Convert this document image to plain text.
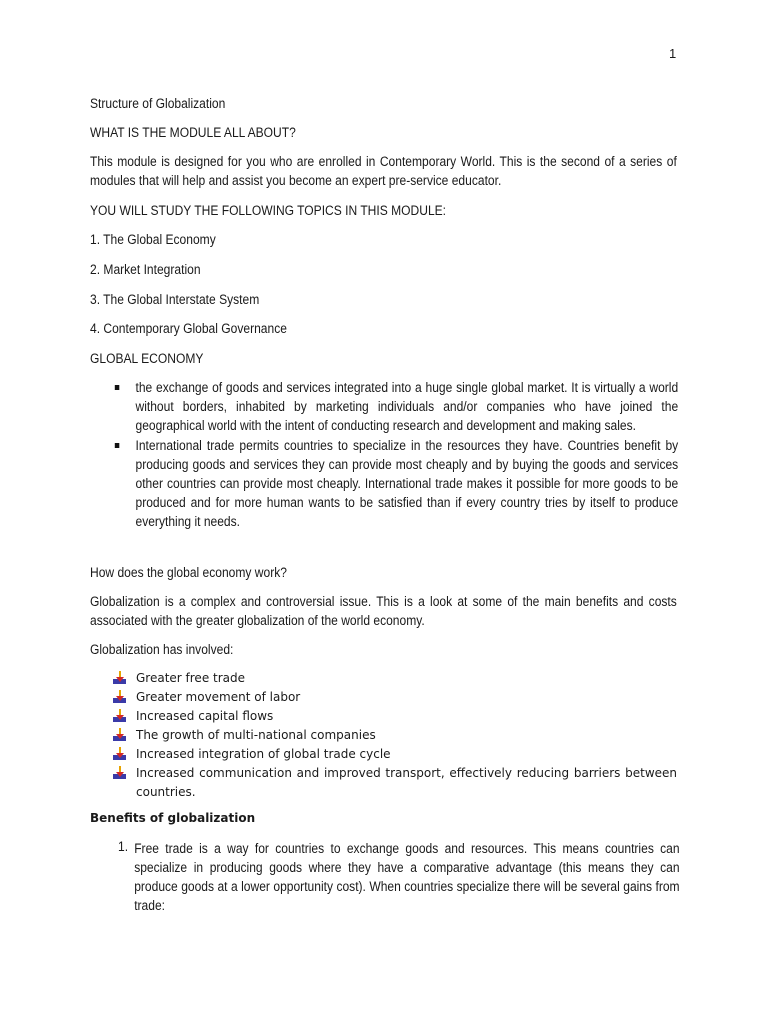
1
Structure of Globalization
WHAT IS THE MODULE ALL ABOUT?
This module is designed for you who are enrolled in Contemporary World. This is the second of a series of modules that will help and assist you become an expert pre-service educator.
YOU WILL STUDY THE FOLLOWING TOPICS IN THIS MODULE:
1. The Global Economy
2. Market Integration
3. The Global Interstate System
4. Contemporary Global Governance
GLOBAL ECONOMY
the exchange of goods and services integrated into a huge single global market. It is virtually a world without borders, inhabited by marketing individuals and/or companies who have joined the geographical world with the intent of conducting research and development and making sales.
International trade permits countries to specialize in the resources they have. Countries benefit by producing goods and services they can provide most cheaply and by buying the goods and services other countries can provide most cheaply. International trade makes it possible for more goods to be produced and for more human wants to be satisfied than if every country tries by itself to produce everything it needs.
How does the global economy work?
Globalization is a complex and controversial issue. This is a look at some of the main benefits and costs associated with the greater globalization of the world economy.
Globalization has involved:
Greater free trade
Greater movement of labor
Increased capital flows
The growth of multi-national companies
Increased integration of global trade cycle
Increased communication and improved transport, effectively reducing barriers between countries.
Benefits of globalization
1. Free trade is a way for countries to exchange goods and resources. This means countries can specialize in producing goods where they have a comparative advantage (this means they can produce goods at a lower opportunity cost). When countries specialize there will be several gains from trade:
